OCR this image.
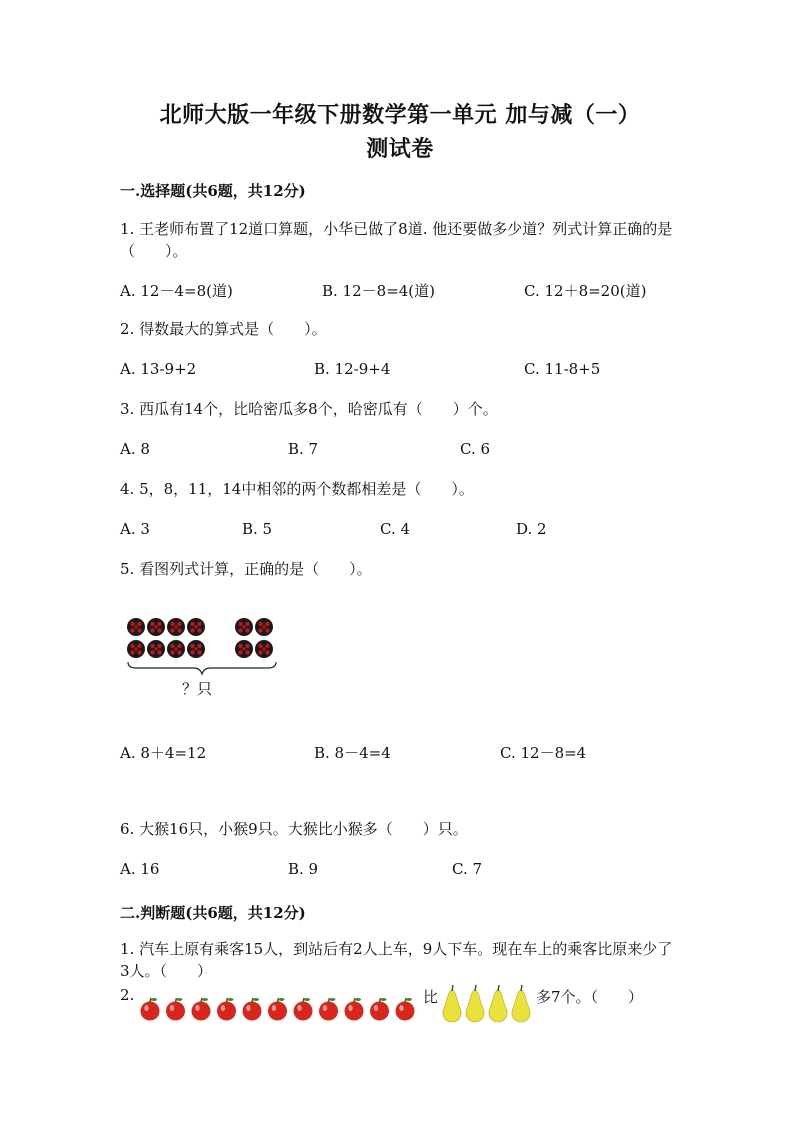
北师大版一年级下册数学第一单元 加与减（一）
测试卷
一.选择题(共6题，共12分)
1. 王老师布置了12道口算题，小华已做了8道. 他还要做多少道？列式计算正确的是（　　）。
A. 12－4=8(道)	B. 12－8=4(道)	C. 12＋8=20(道)
2. 得数最大的算式是（　　）。
A. 13-9+2	B. 12-9+4	C. 11-8+5
3. 西瓜有14个，比哈密瓜多8个，哈密瓜有（　　）个。
A. 8	B. 7	C. 6
4. 5，8，11，14中相邻的两个数都相差是（　　）。
A. 3	B. 5	C. 4	D. 2
5. 看图列式计算，正确的是（　　）。
？只
A. 8＋4=12	B. 8－4=4	C. 12－8=4
6. 大猴16只，小猴9只。大猴比小猴多（　　）只。
A. 16	B. 9	C. 7
二.判断题(共6题，共12分)
1. 汽车上原有乘客15人，到站后有2人上车，9人下车。现在车上的乘客比原来少了3人。（　　）
2.	比	多7个。（　　）
